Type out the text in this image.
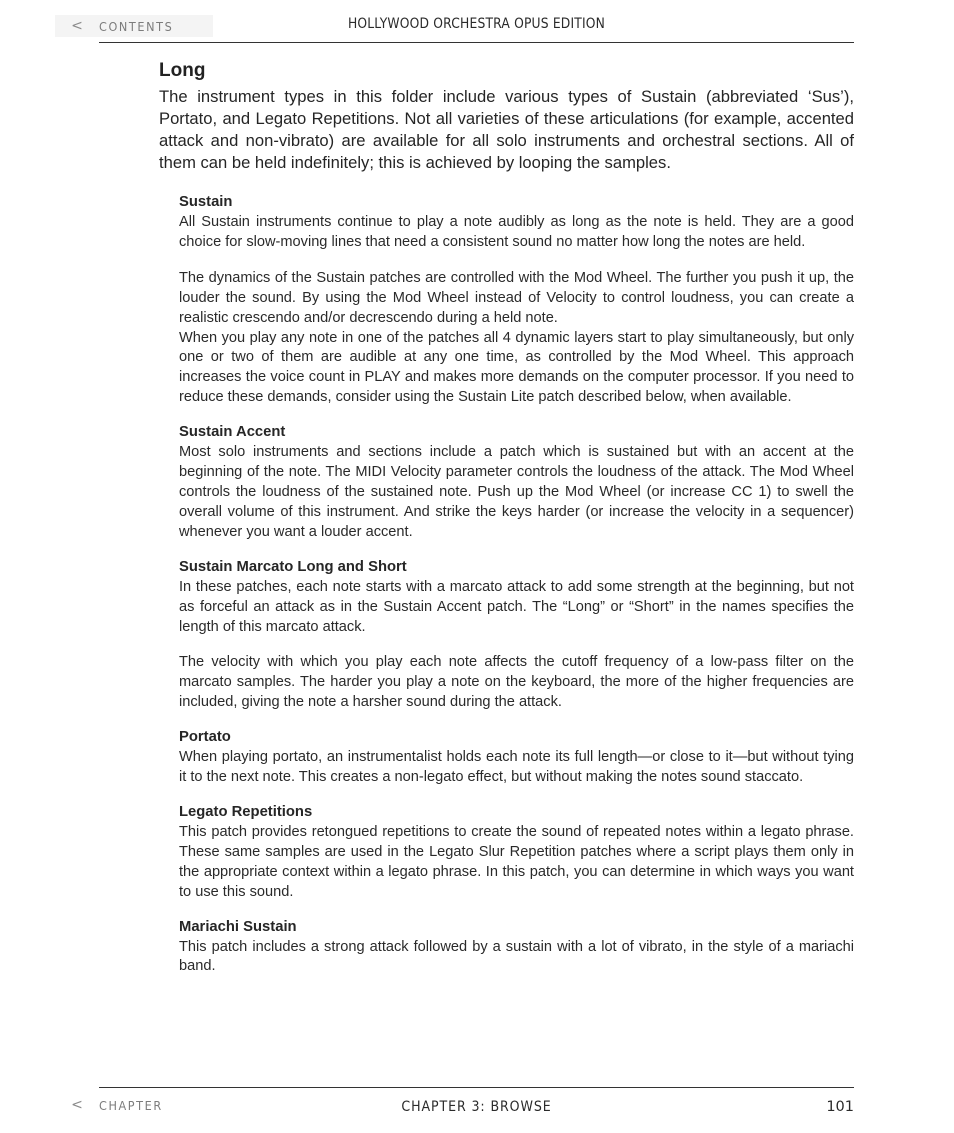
<	CONTENTS	HOLLYWOOD ORCHESTRA OPUS EDITION
Long

The instrument types in this folder include various types of Sustain (abbreviated ‘Sus’), Portato, and Legato Repetitions. Not all varieties of these articulations (for example, accented attack and non-vibrato) are available for all solo instruments and orchestral sections. All of them can be held indefinitely; this is achieved by looping the samples.

Sustain

All Sustain instruments continue to play a note audibly as long as the note is held. They are a good choice for slow-moving lines that need a consistent sound no matter how long the notes are held.

The dynamics of the Sustain patches are controlled with the Mod Wheel. The further you push it up, the louder the sound. By using the Mod Wheel instead of Velocity to control loudness, you can create a realistic crescendo and/or decrescendo during a held note.

When you play any note in one of the patches all 4 dynamic layers start to play simultaneously, but only one or two of them are audible at any one time, as controlled by the Mod Wheel. This approach increases the voice count in PLAY and makes more demands on the computer processor. If you need to reduce these demands, consider using the Sustain Lite patch described below, when available.

Sustain Accent

Most solo instruments and sections include a patch which is sustained but with an accent at the beginning of the note. The MIDI Velocity parameter controls the loudness of the attack. The Mod Wheel controls the loudness of the sustained note. Push up the Mod Wheel (or increase CC 1) to swell the overall volume of this instrument. And strike the keys harder (or increase the velocity in a sequencer) whenever you want a louder accent.

Sustain Marcato Long and Short

In these patches, each note starts with a marcato attack to add some strength at the beginning, but not as forceful an attack as in the Sustain Accent patch. The “Long” or “Short” in the names specifies the length of this marcato attack.

The velocity with which you play each note affects the cutoff frequency of a low-pass filter on the marcato samples. The harder you play a note on the keyboard, the more of the higher frequencies are included, giving the note a harsher sound during the attack.

Portato

When playing portato, an instrumentalist holds each note its full length—or close to it—but without tying it to the next note. This creates a non-legato effect, but without making the notes sound staccato.

Legato Repetitions

This patch provides retongued repetitions to create the sound of repeated notes within a legato phrase. These same samples are used in the Legato Slur Repetition patches where a script plays them only in the appropriate context within a legato phrase. In this patch, you can determine in which ways you want to use this sound.

Mariachi Sustain

This patch includes a strong attack followed by a sustain with a lot of vibrato, in the style of a mariachi band.

<	CHAPTER	CHAPTER 3: BROWSE	101
